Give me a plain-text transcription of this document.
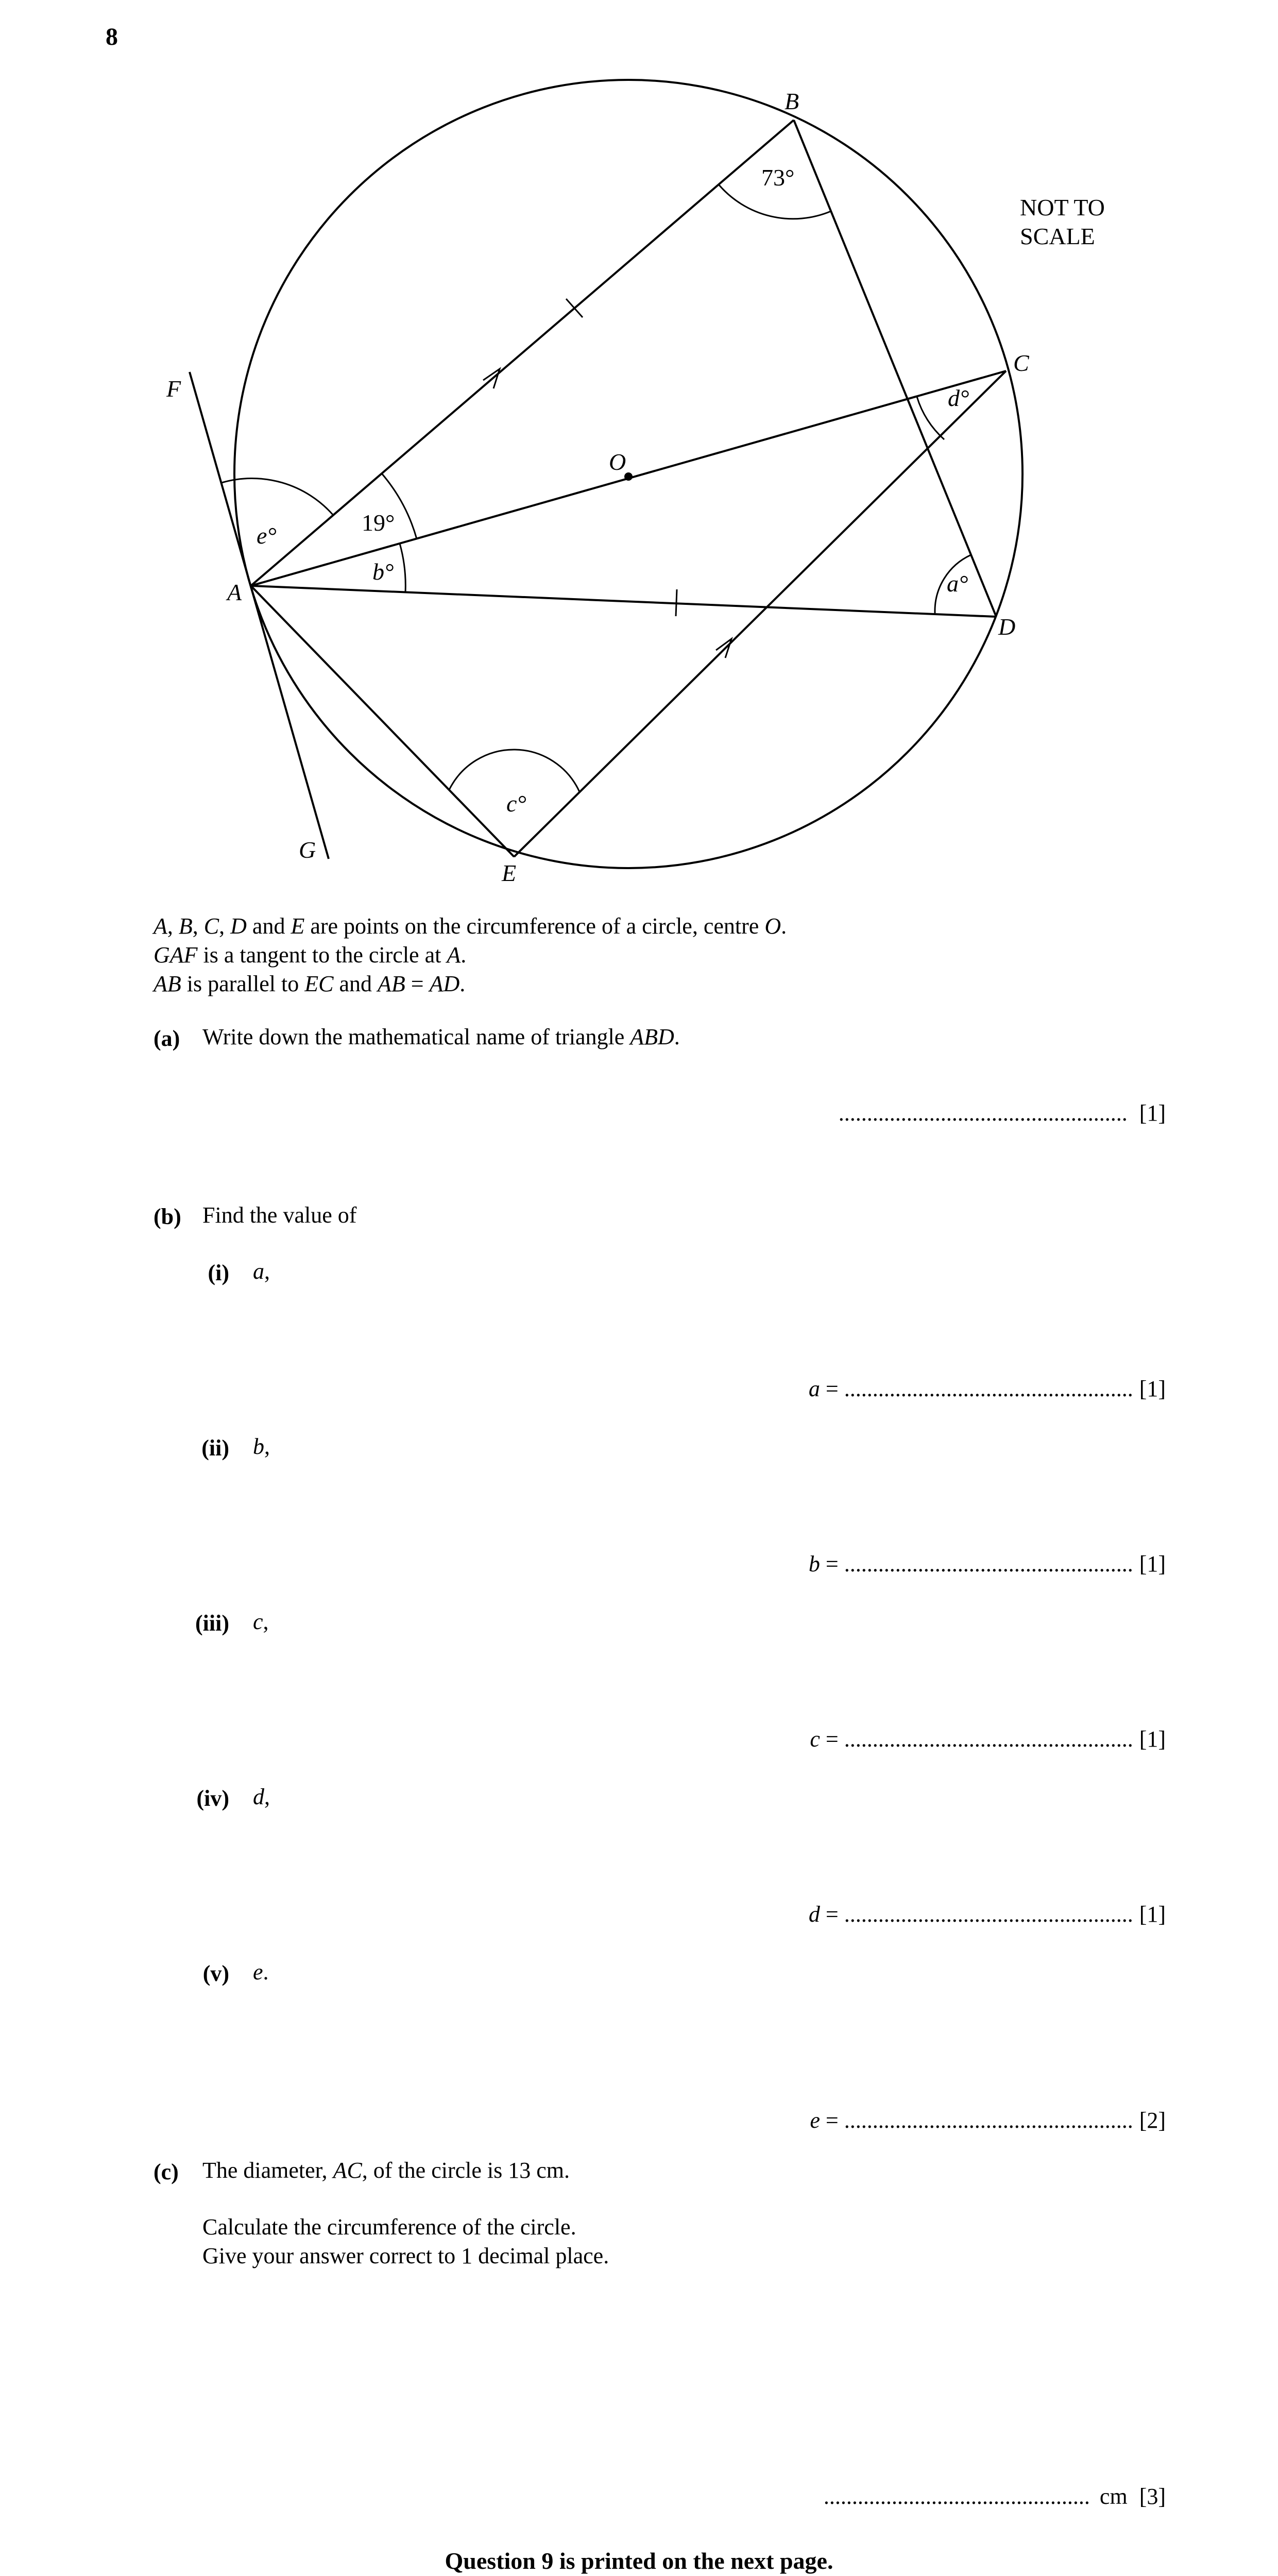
8
B
C
D
E
F
G
A
O
a°
b°
c°
d°
e°
73°
19°
NOT TO
SCALE
A, B, C, D and E are points on the circumference of a circle, centre O.
GAF is a tangent to the circle at A.
AB is parallel to EC and AB = AD.
(a) Write down the mathematical name of triangle ABD.
................................................... [1]
(b) Find the value of
(i) a,
a = ................................................... [1]
(ii) b,
b = ................................................... [1]
(iii) c,
c = ................................................... [1]
(iv) d,
d = ................................................... [1]
(v) e.
e = ................................................... [2]
(c) The diameter, AC, of the circle is 13 cm.
Calculate the circumference of the circle.
Give your answer correct to 1 decimal place.
............................................... cm [3]
Question 9 is printed on the next page.
